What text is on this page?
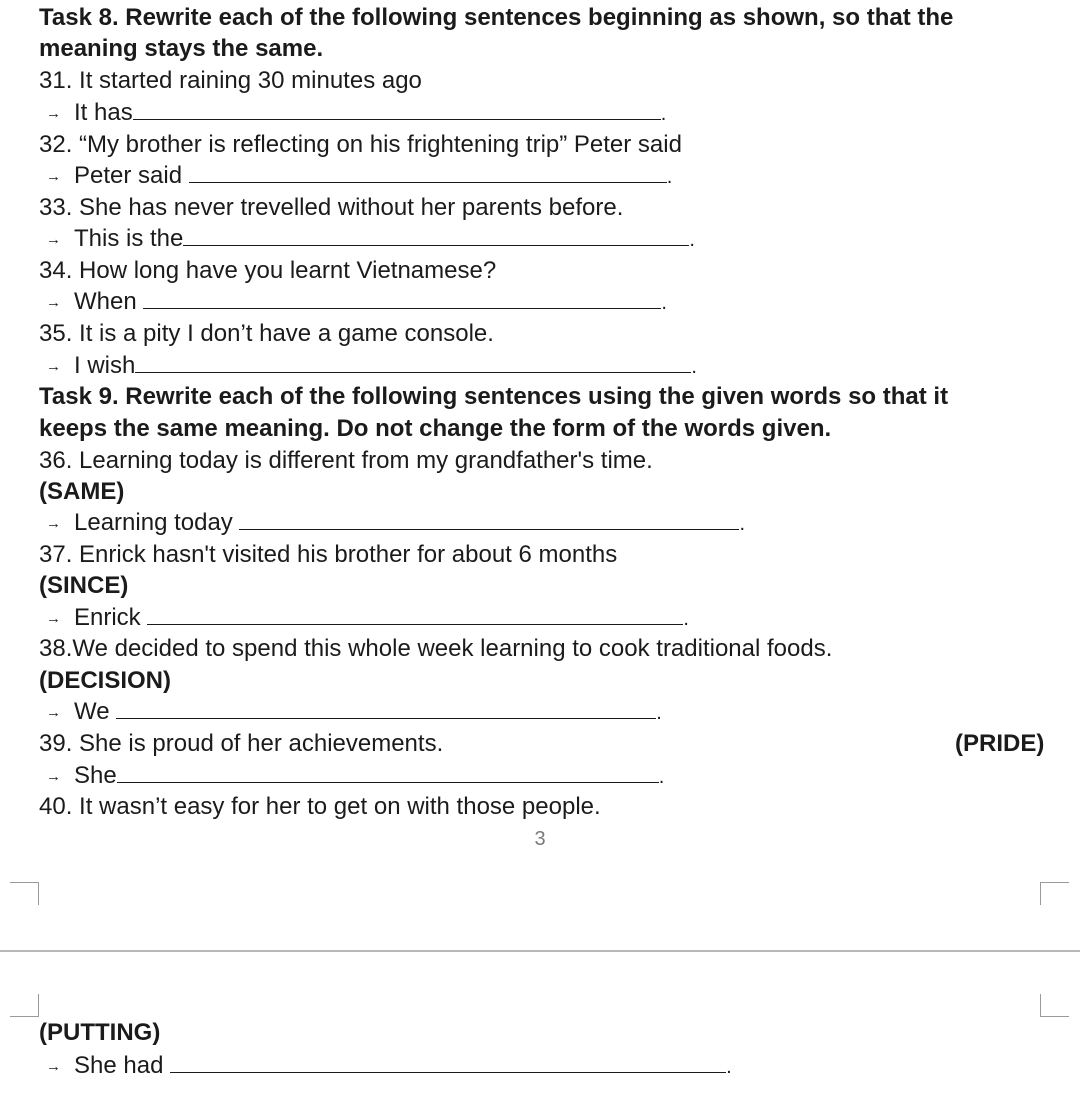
Task 8. Rewrite each of the following sentences beginning as shown, so that the
meaning stays the same.
31. It started raining 30 minutes ago
→ It has	.
32. “My brother is reflecting on his frightening trip” Peter said
→ Peter said	.
33. She has never trevelled without her parents before.
→ This is the	.
34. How long have you learnt Vietnamese?
→ When	.
35. It is a pity I don’t have a game console.
→ I wish	.
Task 9. Rewrite each of the following sentences using the given words so that it
keeps the same meaning. Do not change the form of the words given.
36. Learning today is different from my grandfather's time.
(SAME)
→ Learning today	.
37. Enrick hasn't visited his brother for about 6 months
(SINCE)
→ Enrick	.
38.We decided to spend this whole week learning to cook traditional foods.
(DECISION)
→ We	.
39. She is proud of her achievements.	(PRIDE)
→ She	.
40. It wasn’t easy for her to get on with those people.
3
(PUTTING)
→ She had	.
